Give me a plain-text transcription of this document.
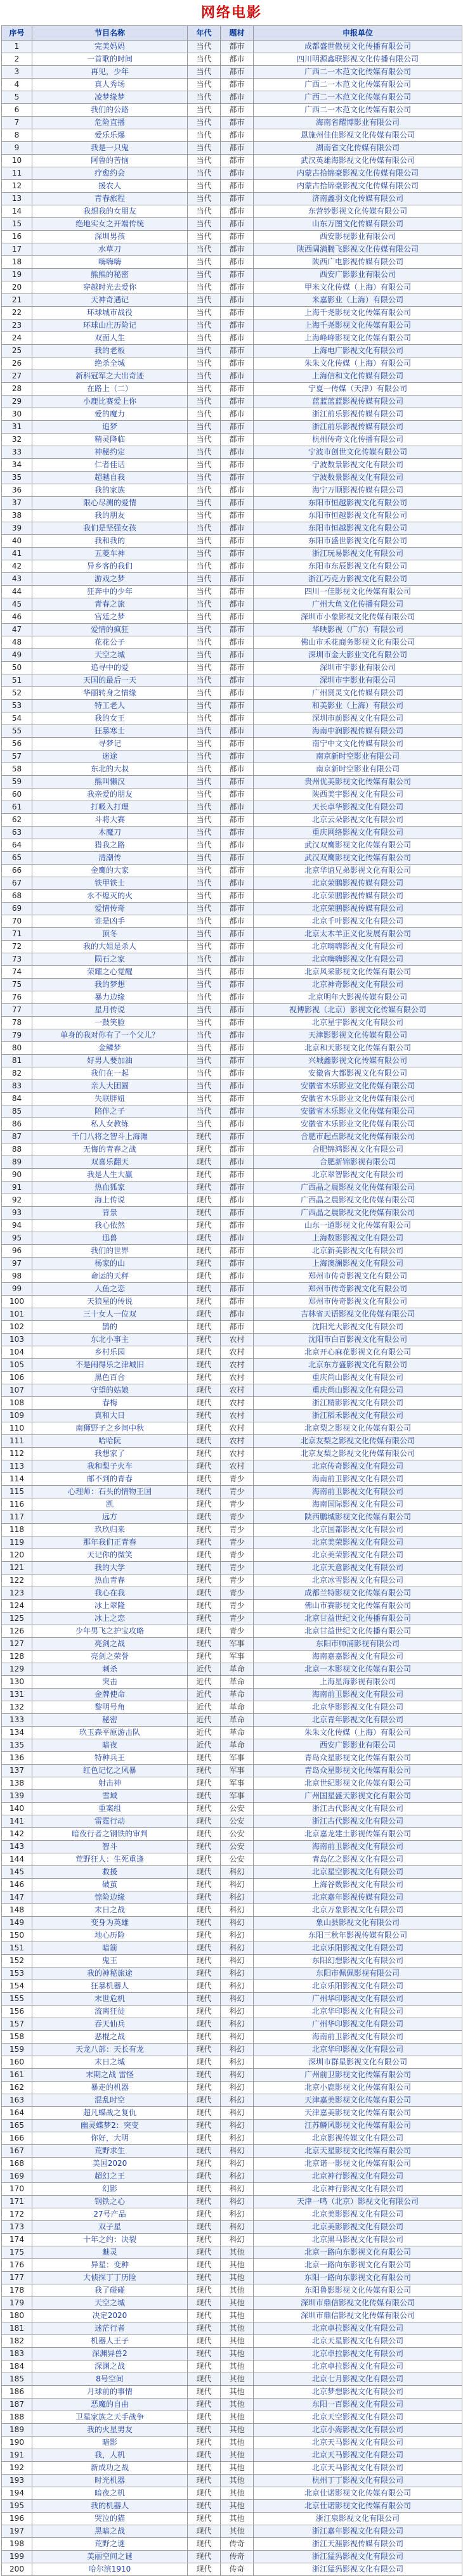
网络电影
序号	节目名称	年代	题材	申报单位
1	完美妈妈	当代	都市	成都盛世傲视文化传播有限公司
2	一首歌的时间	当代	都市	四川明源鑫联影视文化传播有限公司
3	再见，少年	当代	都市	广西二一木范文化传媒有限公司
4	真人秀场	当代	都市	广西二一木范文化传媒有限公司
5	凌梦缘梦	当代	都市	广西二一木范文化传媒有限公司
6	我们的公路	当代	都市	广西二一木范文化传媒有限公司
7	危险直播	当代	都市	海南省耀博影业有限公司
8	爱乐乐爆	当代	都市	恩施州佳佳影视文化传媒有限公司
9	我是一只鬼	当代	都市	湖南省文化传媒有限公司
10	阿鲁的苦恼	当代	都市	武汉英雄海影视文化传媒有限公司
11	疗愈约会	当代	都市	内蒙古拾锦豪影视文化传媒有限公司
12	援农人	当代	都市	内蒙古拾锦豪影视文化传媒有限公司
13	青春旅程	当代	都市	济南鑫羽文化传媒有限公司
14	我想我的女朋友	当代	都市	东营钞影视文化传媒有限公司
15	绝地实女之开端传统	当代	都市	山东万图文化传媒有限公司
16	深圳男孩	当代	都市	西安影视影业有限公司
17	水草刀	当代	都市	陕西阔满腾飞影视文化传媒有限公司
18	嗨嗨嗨	当代	都市	陕西广电影视传媒有限公司
19	熊熊的秘密	当代	都市	西安广影影业有限公司
20	穿越时光去爱你	当代	都市	甲米文化传媒（上海）有限公司
21	天神奇遇记	当代	都市	米嘉影业（上海）有限公司
22	环球城市战役	当代	都市	上海千尧影视文化传媒有限公司
23	环球山庄历险记	当代	都市	上海千尧影视文化传媒有限公司
24	双面人生	当代	都市	上海峰峰影视文化传媒有限公司
25	我的老板	当代	都市	上海电广影视文化有限公司
26	绝杀全城	当代	都市	朱朱文化传媒（上海）有限公司
27	新科冠军之大出奇迹	当代	都市	上海信和文化传媒有限公司
28	在路上（二）	当代	都市	宁夏一传媒（天津）有限公司
29	小鹿比赛爱上你	当代	都市	蓝蓝蓝蓝影视传媒有限公司
30	爱的魔力	当代	都市	浙江前乐影视传媒有限公司
31	追梦	当代	都市	浙江前乐影视传媒有限公司
32	精灵降临	当代	都市	杭州传奇文化传播有限公司
33	神秘约定	当代	都市	宁波市创世文化传媒有限公司
34	仁者佳话	当代	都市	宁波数景影视文化有限公司
35	超越自我	当代	都市	宁波数景影视文化有限公司
36	我的家族	当代	都市	海宁万顺影视传媒有限公司
37	限心尽测的爱情	当代	都市	东阳市恒越影视文化有限公司
38	我的朋友	当代	都市	东阳市恒越影视文化有限公司
39	我们是坚强女孩	当代	都市	东阳市恒越影视文化有限公司
40	我和我的	当代	都市	东阳市盛世影视文化有限公司
41	五菱车神	当代	都市	浙江玩易影视文化有限公司
42	异乡客的我们	当代	都市	东阳市东辰影视文化有限公司
43	游戏之梦	当代	都市	浙江巧克力影视文化有限公司
44	狂奔中的少年	当代	都市	四川一佳影视文化传媒有限公司
45	青春之旅	当代	都市	广州大鱼文化传播有限公司
46	宫廷之梦	当代	都市	深圳市小象影视文化传媒有限公司
47	爱情的疯狂	当代	都市	华映影视（广东）有限公司
48	花花公子	当代	都市	佛山市禾花商务影视文化有限公司
49	天空之城	当代	都市	深圳市金大影业文化有限公司
50	追寻中的爱	当代	都市	深圳市宇影业有限公司
51	天国的最后一天	当代	都市	深圳市宇影业有限公司
52	华丽转身之情缘	当代	都市	广州贤灵文化传媒有限公司
53	特工老人	当代	都市	和美影业（上海）有限公司
54	我的女王	当代	都市	深圳市前影视文化有限公司
55	狂暴寒士	当代	都市	海南中润影视传媒有限公司
56	寻梦记	当代	都市	南宁中文文化传媒有限公司
57	迷途	当代	都市	南京新时空影业有限公司
58	东北的大叔	当代	都市	南京新时空影业有限公司
59	熊叫懒汉	当代	都市	贵州优美影视文化传媒有限公司
60	我亲爱的朋友	当代	都市	陕西美宇影视文化有限公司
61	打吸入打理	当代	都市	天长卓华影视文化有限公司
62	斗将大赛	当代	都市	北京云朵影视文化有限公司
63	木魔刀	当代	都市	重庆网络影视文化有限公司
64	猎我之路	当代	都市	武汉双鹰影视文化传媒有限公司
65	清潮传	当代	都市	武汉双鹰影视文化传媒有限公司
66	金鹰的大家	当代	都市	北京华谊兄弟影视文化有限公司
67	铁甲铁士	当代	都市	北京荣鹏影视传媒有限公司
68	永不熄灭的火	当代	都市	北京荣鹏影视传媒有限公司
69	爱情传奇	当代	都市	北京荣鹏影视传媒有限公司
70	谁是凶手	当代	都市	北京千叶影视文化有限公司
71	顶冬	当代	都市	北京太木羊正义化发展有限公司
72	我的大姐是杀人	当代	都市	北京嗨嗨影视文化有限公司
73	陨石之家	当代	都市	北京嗨嗨影视文化有限公司
74	荣耀之心觉醒	当代	都市	北京风采影视文化传媒有限公司
75	我的梦想	当代	都市	北京神奇影视文化有限公司
76	暴力边缘	当代	都市	北京明年大影视传媒有限公司
77	星月传说	当代	都市	视博影视（北京）影视文化传媒有限公司
78	一鼓笑脸	当代	都市	北京星宇影视文化有限公司
79	单身的我对你有了一个父儿？	当代	都市	天津影影视文化传媒有限公司
80	金鳞梦	当代	都市	北京和天影视文化传媒有限公司
81	好男人要加油	当代	都市	兴城鑫影视文化传媒有限公司
82	我们在一起	当代	都市	安徽省大都影视文化有限公司
83	亲人大团圆	当代	都市	安徽省木乐影业文化传媒有限公司
84	失联胖妞	当代	都市	安徽省木乐影业文化传媒有限公司
85	陪伴之子	当代	都市	安徽省木乐影业文化传媒有限公司
86	私人女教练	当代	都市	安徽省木乐影业文化传媒有限公司
87	千门八将之智斗上海滩	现代	都市	合肥市起点影视文化传媒有限公司
88	无悔的青春之战	现代	都市	合肥锦鸿影视文化有限公司
89	双喜乐翻天	现代	都市	合肥新锦影视有限公司
90	我是人生大赢	现代	都市	北京翠智影视文化有限公司
91	热血狐家	现代	都市	广西晶之晨影视文化传媒有限公司
92	海上传说	现代	都市	广西晶之晨影视文化传媒有限公司
93	背景	现代	都市	广西晶之晨影视文化传媒有限公司
94	我心依然	现代	都市	山东一道影视文化传媒有限公司
95	迅兽	现代	都市	上海数影影视文化有限公司
96	我们的世界	现代	都市	北京新美影视文化有限公司
97	杨家的山	现代	都市	上海澳澜影视文化有限公司
98	命运的天秤	现代	都市	郑州市传奇影视文化有限公司
99	人鱼之恋	现代	都市	郑州市传奇影视文化有限公司
100	天狼星的传说	现代	都市	郑州市传奇影视文化有限公司
101	三十女人一位双	现代	都市	吉林省天语影视文化传媒有限公司
102	鹊的	现代	都市	沈阳光大影视文化有限公司
103	东北小事主	现代	农村	沈阳市白百影视文化有限公司
104	乡村乐园	现代	农村	北京开心麻花影视文化有限公司
105	不是闹得乐之津城旧	现代	农村	北京东方盛影视文化有限公司
106	黑色百合	现代	农村	重庆尚山影视文化有限公司
107	守望的姑娘	现代	农村	重庆尚山影视文化有限公司
108	春梅	现代	农村	浙江精影影视文化有限公司
109	真和大日	现代	农村	浙江稻禾影视文化有限公司
110	南狮野子之乡间中秋	现代	农村	北京梨之影视文化传媒有限公司
111	哈哈阮	现代	农村	北京友梨之影视文化传媒有限公司
112	我想家了	现代	农村	北京友梨之影视文化传媒有限公司
113	我和梨子火车	现代	农村	北京传奇影视文化有限公司
114	邮不到的青春	现代	青少	海南前卫影视文化有限公司
115	心理师：石头的情物王国	现代	青少	海南前卫影视文化有限公司
116	凯	现代	青少	海南国际影视文化有限公司
117	远方	现代	青少	陕西鹏城影视文化传媒有限公司
118	玖玖归来	现代	青少	北京国都影视文化有限公司
119	那年我们正青春	现代	青少	北京美荣影视文化有限公司
120	天记你的微笑	现代	青少	北京美荣影视文化有限公司
121	我的大学	现代	青少	北京天意影视文化有限公司
122	热血青春	现代	青少	北京冰雪影视文化有限公司
123	我心在我	现代	青少	成都兰特影视文化传媒有限公司
124	冰上翠隆	现代	青少	佛山市赛影视文化传媒有限公司
125	冰上之恋	现代	青少	北京甘益世纪文化传播有限公司
126	少年男飞之护宝攻略	现代	青少	北京甘益世纪文化传播有限公司
127	亮剑之战	现代	军事	东阳市帅浦影视有限公司
128	亮剑之荣誉	现代	军事	海南嘉嘉影视文化有限公司
129	刺杀	近代	革命	北京一木影视文化传媒有限公司
130	突击	近代	革命	上海星海影视有限公司
131	金牌使命	近代	革命	海南前卫影视文化有限公司
132	黎明号角	近代	革命	北京华影影视文化有限公司
133	秘密	近代	革命	北京青年影视文化有限公司
134	玖玉森平原游击队	近代	革命	朱朱文化传媒（上海）有限公司
135	暗夜	近代	革命	西安广影影业有限公司
136	特种兵王	现代	军事	青岛众星影视文化传媒有限公司
137	红色记忆之风暴	现代	军事	青岛众星影视文化传媒有限公司
138	射击神	现代	军事	北京世纪影视文化传媒有限公司
139	雪域	现代	军事	广州国星盛天影视文化有限公司
140	重案组	现代	公安	浙江古代影视文化有限公司
141	雷霆行动	现代	公安	浙江古代影视文化有限公司
142	暗夜行者之钢铁的审判	现代	公安	北京嘉龙建土影视传媒有限公司
143	智斗	现代	公安	海南前卫影视文化有限公司
144	荒野狂人：生死重逢	现代	公安	青岛亿之影视文化有限公司
145	救援	现代	科幻	北京星空影视文化有限公司
146	破茧	现代	科幻	上海谷数影视文化有限公司
147	惊险边缘	现代	科幻	北京嘉年影视传媒有限公司
148	末日之战	现代	科幻	北京万象影视文化有限公司
149	变身为英雄	现代	科幻	象山县影视文化有限公司
150	地心历险	现代	科幻	东阳三秋年影视传媒有限公司
151	暗箭	现代	科幻	北京乐阳影视文化有限公司
152	鬼王	现代	科幻	东阳幻想影视文化有限公司
153	我的神秘旅途	现代	科幻	东阳市佩佩影视有限公司
154	狂暴机器人	现代	科幻	北京乐阳影视文化有限公司
155	末世危机	现代	科幻	广州华印影视文化有限公司
156	流离狂徒	现代	科幻	北京华印影视文化有限公司
157	吞天仙兵	现代	科幻	广州华印影视文化有限公司
158	恶棍之战	现代	科幻	海南前卫影视文化有限公司
159	天龙八部：天长有龙	现代	科幻	北京华印影视文化有限公司
160	末日之城	现代	科幻	深圳市群星影视文化有限公司
161	末期之战 雷怪	现代	科幻	广州前卫影视文化传媒有限公司
162	暴走的机器	现代	科幻	北京小鹿影视文化传媒有限公司
163	混乱时空	现代	科幻	天津嘉美影视文化传媒有限公司
164	超凡蝶战之复仇	现代	科幻	天津嘉美影视文化传媒有限公司
165	幽灵蝶梦2：突变	现代	科幻	江苏鳞风影视文化传媒有限公司
166	你好，大明	现代	科幻	北京影视传媒文化有限公司
167	荒野求生	现代	科幻	北京天星影视文化传媒有限公司
168	美国2020	现代	科幻	北京诺一影视文化传媒有限公司
169	超幻之王	现代	科幻	北京神行影视文化有限公司
170	幻影	现代	科幻	北京神行影视文化有限公司
171	钢铁之心	现代	科幻	天津一鸣（北京）影视文化有限公司
172	27号产品	现代	科幻	北京美影影视文化有限公司
173	双子星	现代	科幻	北京美影影视文化有限公司
174	十年之约：决裂	现代	科幻	北京黑马影视文化有限公司
175	魅灵	现代	其他	北京一路向东影视文化有限公司
176	异星：变种	现代	其他	北京一路向东影视文化有限公司
177	大侦探丁丁历险	现代	其他	东阳一路向东影视文化有限公司
178	我了碰碰	现代	其他	东阳鲁影影视文化传媒有限公司
179	天空之城	现代	其他	深圳市鼎信影视文化传媒有限公司
180	决定2020	现代	其他	深圳市鼎信影视文化传媒有限公司
181	迷茫行者	现代	其他	北京卓拉影视文化有限公司
182	机器人王子	现代	其他	北京天星影视文化有限公司
183	深渊异兽2	现代	其他	北京卓拉影视文化有限公司
184	深渊之战	现代	其他	北京卓拉影视文化有限公司
185	8号空间	现代	其他	北京七月影视文化有限公司
186	月球前的事情	现代	其他	北京梦想影视文化有限公司
187	恶魔的自由	现代	其他	东阳一百影视文化有限公司
188	卫星家族之天手战争	现代	其他	北京天空影视文化有限公司
189	我的火星男友	现代	其他	北京小海影视文化有限公司
190	暗影	现代	其他	北京天马影视文化有限公司
191	我，人机	现代	其他	北京天马影视文化有限公司
192	新成功之战	现代	其他	北京天马影视文化有限公司
193	时光机器	现代	其他	杭州丁丁影视文化有限公司
194	暗夜之机	现代	其他	北京仕诺影视文化传媒有限公司
195	我的机器人	现代	其他	北京仕诺影视文化传媒有限公司
196	哭泣的猫	现代	其他	浙江泉影视文化有限公司
197	黑暗之战	现代	其他	浙江嘉年影视文化有限公司
198	荒野之谜	现代	传奇	浙江天涯影视传媒有限公司
199	美丽空间之谜	现代	传奇	浙江猛犸影视文化有限公司
200	哈尔滨1910	现代	传奇	浙江猛犸影视文化有限公司
